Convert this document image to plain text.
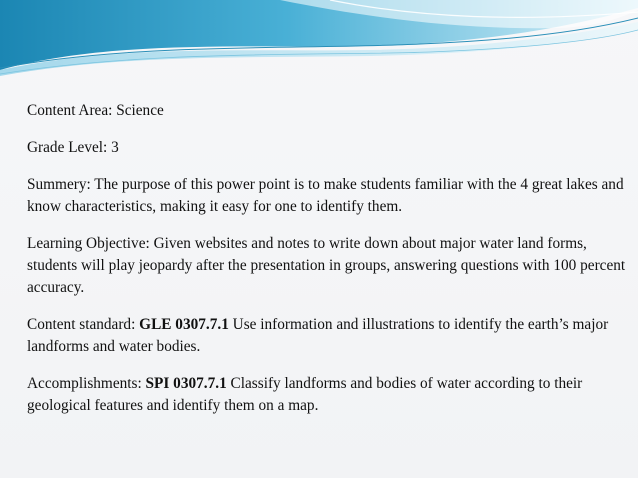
Content Area: Science

Grade Level: 3

Summery: The purpose of this power point is to make students familiar with the 4 great lakes and know characteristics, making it easy for one to identify them.

Learning Objective: Given websites and notes to write down about major water land forms, students will play jeopardy after the presentation in groups, answering questions with 100 percent accuracy.

Content standard: GLE 0307.7.1 Use information and illustrations to identify the earth’s major landforms and water bodies.

Accomplishments: SPI 0307.7.1 Classify landforms and bodies of water according to their geological features and identify them on a map.
